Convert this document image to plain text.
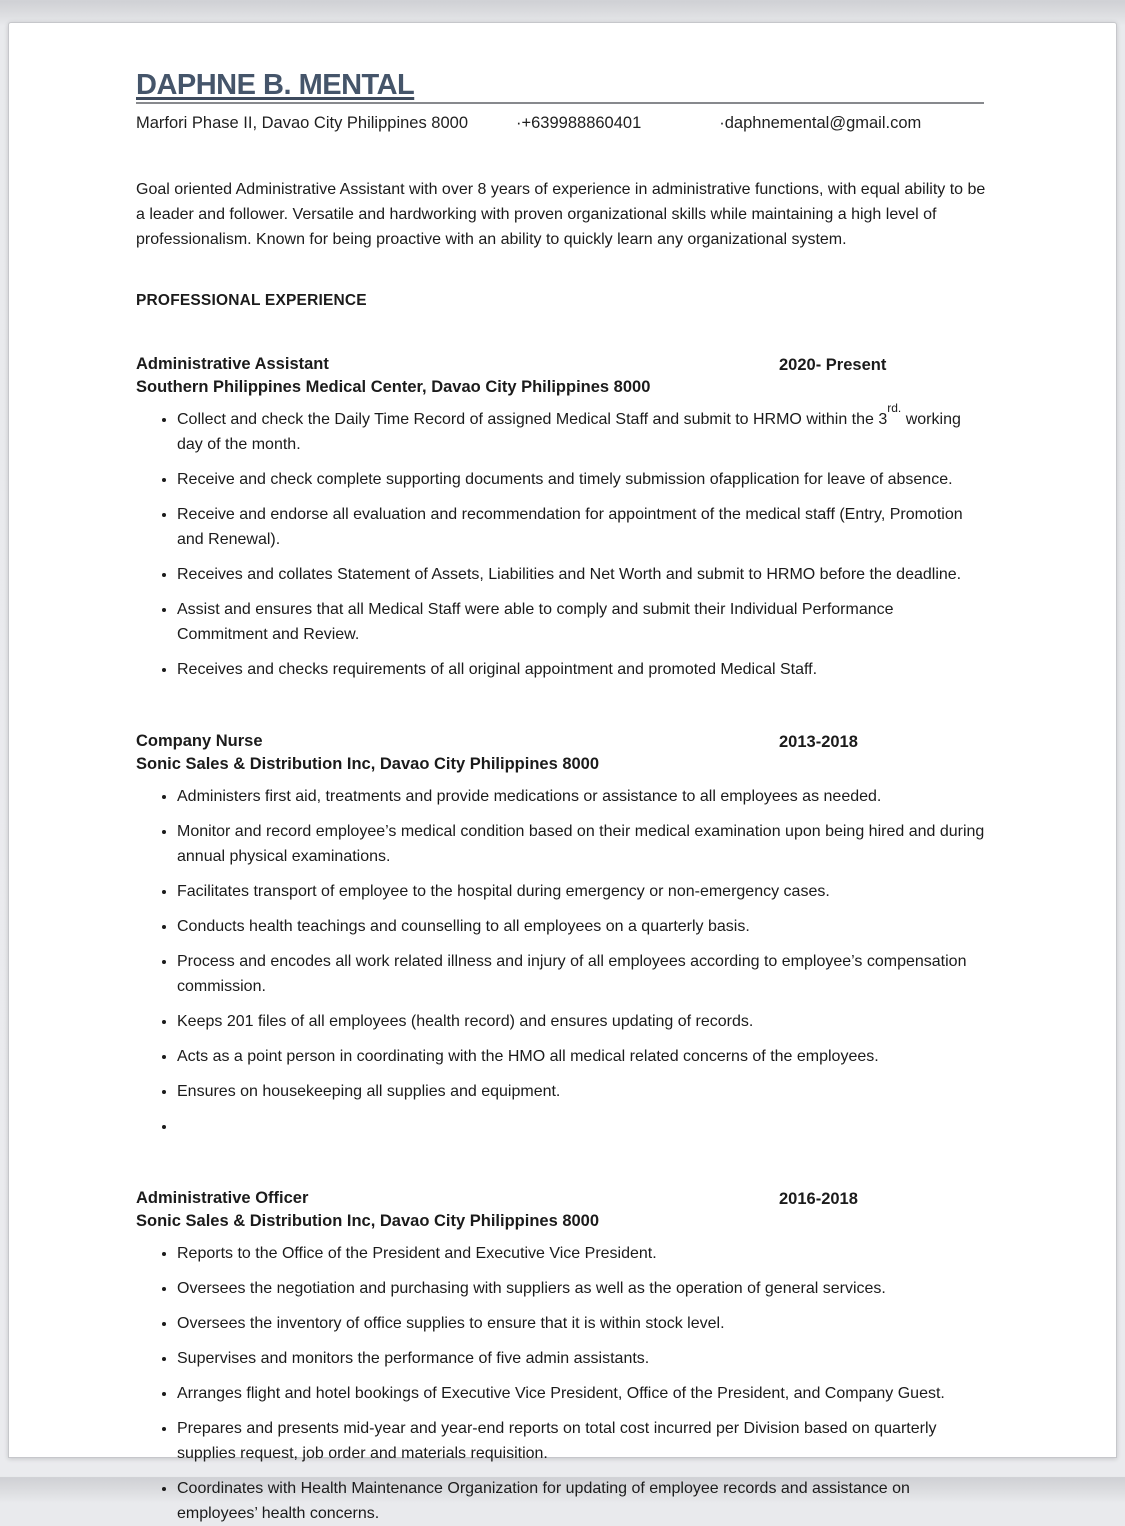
DAPHNE B. MENTAL
Marfori Phase II, Davao City Philippines 8000	·+639988860401	·daphnemental@gmail.com

Goal oriented Administrative Assistant with over 8 years of experience in administrative functions, with equal ability to be a leader and follower. Versatile and hardworking with proven organizational skills while maintaining a high level of professionalism. Known for being proactive with an ability to quickly learn any organizational system.

PROFESSIONAL EXPERIENCE
Administrative Assistant	2020- Present
Southern Philippines Medical Center, Davao City Philippines 8000
• Collect and check the Daily Time Record of assigned Medical Staff and submit to HRMO within the $3^{rd.}$ working day of the month.
• Receive and check complete supporting documents and timely submission ofapplication for leave of absence.
• Receive and endorse all evaluation and recommendation for appointment of the medical staff (Entry, Promotion and Renewal).
• Receives and collates Statement of Assets, Liabilities and Net Worth and submit to HRMO before the deadline.
• Assist and ensures that all Medical Staff were able to comply and submit their Individual Performance Commitment and Review.
• Receives and checks requirements of all original appointment and promoted Medical Staff.
Company Nurse	2013-2018
Sonic Sales & Distribution Inc, Davao City Philippines 8000
• Administers first aid, treatments and provide medications or assistance to all employees as needed.
• Monitor and record employee’s medical condition based on their medical examination upon being hired and during annual physical examinations.
• Facilitates transport of employee to the hospital during emergency or non-emergency cases.
• Conducts health teachings and counselling to all employees on a quarterly basis.
• Process and encodes all work related illness and injury of all employees according to employee’s compensation commission.
• Keeps 201 files of all employees (health record) and ensures updating of records.
• Acts as a point person in coordinating with the HMO all medical related concerns of the employees.
• Ensures on housekeeping all supplies and equipment.
•
Administrative Officer	2016-2018
Sonic Sales & Distribution Inc, Davao City Philippines 8000
• Reports to the Office of the President and Executive Vice President.
• Oversees the negotiation and purchasing with suppliers as well as the operation of general services.
• Oversees the inventory of office supplies to ensure that it is within stock level.
• Supervises and monitors the performance of five admin assistants.
• Arranges flight and hotel bookings of Executive Vice President, Office of the President, and Company Guest.
• Prepares and presents mid-year and year-end reports on total cost incurred per Division based on quarterly supplies request, job order and materials requisition.
• Coordinates with Health Maintenance Organization for updating of employee records and assistance on employees’ health concerns.
